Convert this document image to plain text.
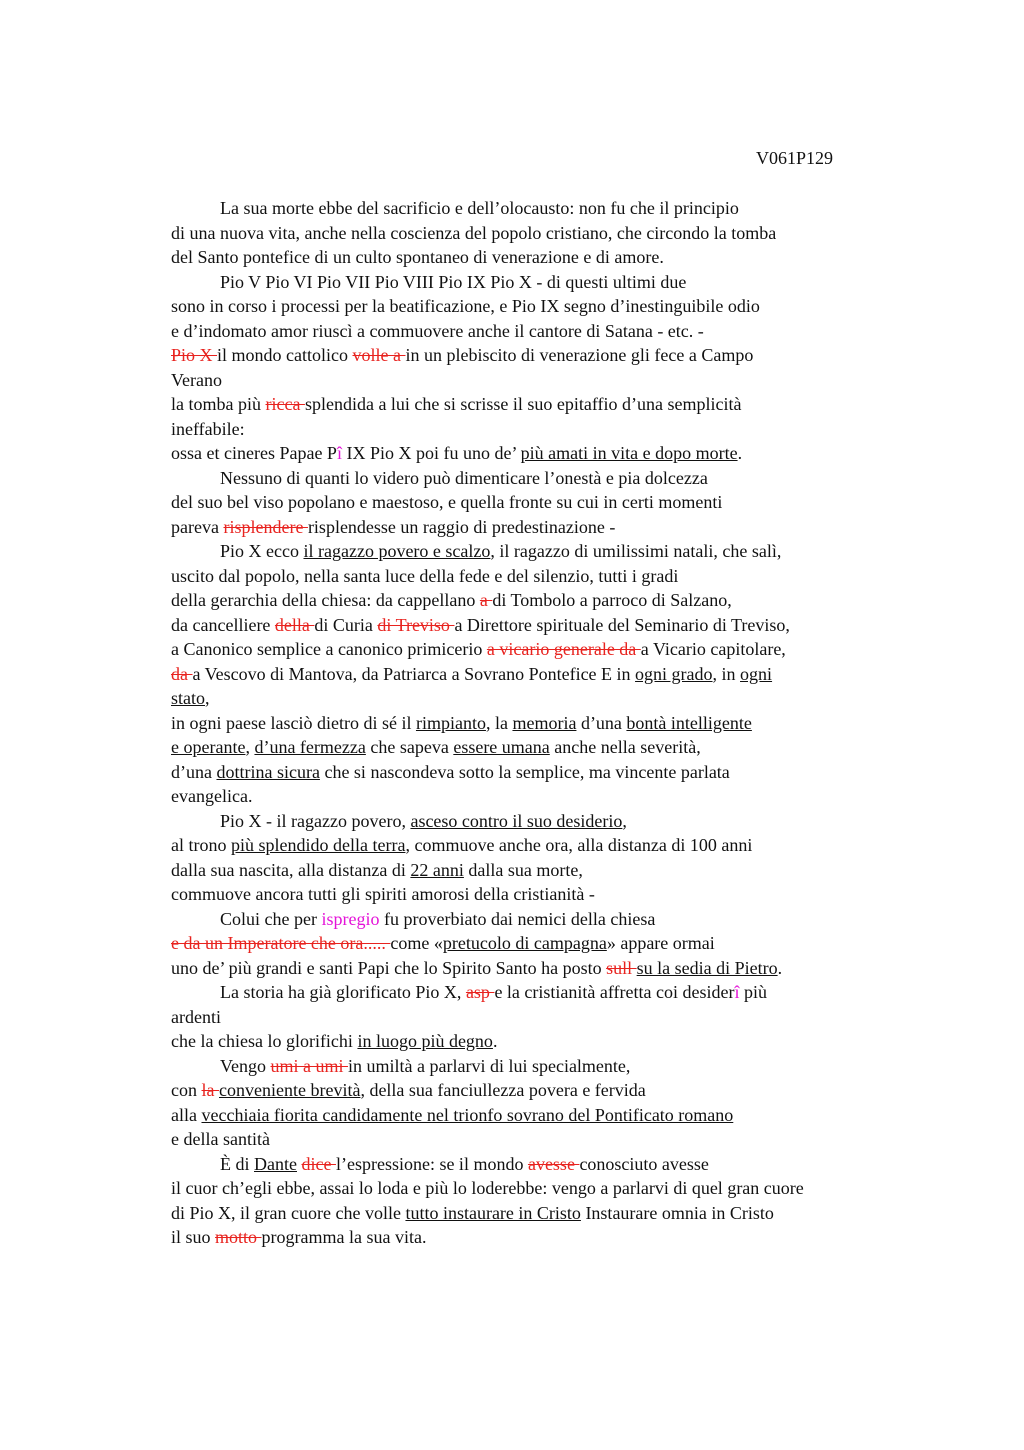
V061P129
La sua morte ebbe del sacrificio e dell’olocausto: non fu che il principio
di una nuova vita, anche nella coscienza del popolo cristiano, che circondo la tomba
del Santo pontefice di un culto spontaneo di venerazione e di amore.
Pio V Pio VI Pio VII Pio VIII Pio IX Pio X - di questi ultimi due
sono in corso i processi per la beatificazione, e Pio IX segno d’inestinguibile odio
e d’indomato amor riuscì a commuovere anche il cantore di Satana - etc. -
Pio X il mondo cattolico volle a in un plebiscito di venerazione gli fece a Campo
Verano
la tomba più ricca splendida a lui che si scrisse il suo epitaffio d’una semplicità
ineffabile:
ossa et cineres Papae Pî IX Pio X poi fu uno de’ più amati in vita e dopo morte.
Nessuno di quanti lo videro può dimenticare l’onestà e pia dolcezza
del suo bel viso popolano e maestoso, e quella fronte su cui in certi momenti
pareva risplendere risplendesse un raggio di predestinazione -
Pio X ecco il ragazzo povero e scalzo, il ragazzo di umilissimi natali, che salì,
uscito dal popolo, nella santa luce della fede e del silenzio, tutti i gradi
della gerarchia della chiesa: da cappellano a di Tombolo a parroco di Salzano,
da cancelliere della di Curia di Treviso a Direttore spirituale del Seminario di Treviso,
a Canonico semplice a canonico primicerio a vicario generale da a Vicario capitolare,
da a Vescovo di Mantova, da Patriarca a Sovrano Pontefice E in ogni grado, in ogni
stato,
in ogni paese lasciò dietro di sé il rimpianto, la memoria d’una bontà intelligente
e operante, d’una fermezza che sapeva essere umana anche nella severità,
d’una dottrina sicura che si nascondeva sotto la semplice, ma vincente parlata
evangelica.
Pio X - il ragazzo povero, asceso contro il suo desiderio,
al trono più splendido della terra, commuove anche ora, alla distanza di 100 anni
dalla sua nascita, alla distanza di 22 anni dalla sua morte,
commuove ancora tutti gli spiriti amorosi della cristianità -
Colui che per ispregio fu proverbiato dai nemici della chiesa
e da un Imperatore che ora..... come «pretucolo di campagna» appare ormai
uno de’ più grandi e santi Papi che lo Spirito Santo ha posto sull su la sedia di Pietro.
La storia ha già glorificato Pio X, asp e la cristianità affretta coi desiderî più
ardenti
che la chiesa lo glorifichi in luogo più degno.
Vengo umi a umi in umiltà a parlarvi di lui specialmente,
con la conveniente brevità, della sua fanciullezza povera e fervida
alla vecchiaia fiorita candidamente nel trionfo sovrano del Pontificato romano
e della santità
È di Dante dice l’espressione: se il mondo avesse conosciuto avesse
il cuor ch’egli ebbe, assai lo loda e più lo loderebbe: vengo a parlarvi di quel gran cuore
di Pio X, il gran cuore che volle tutto instaurare in Cristo Instaurare omnia in Cristo
il suo motto programma la sua vita.
